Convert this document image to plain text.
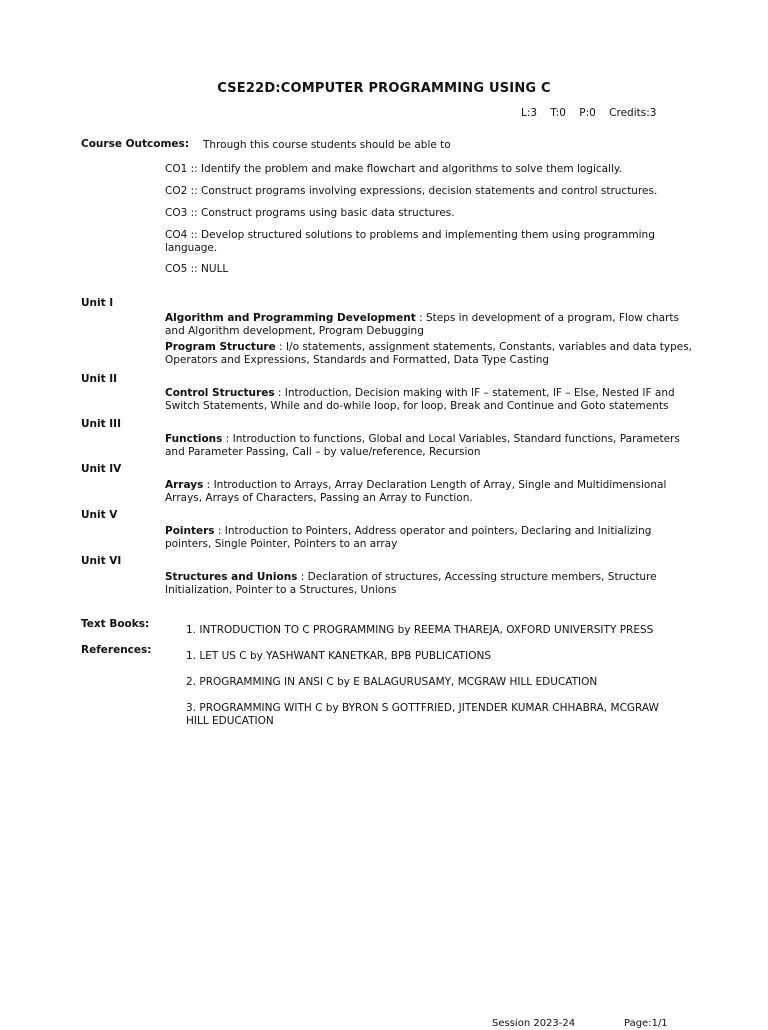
CSE22D:COMPUTER PROGRAMMING USING C
L:3 T:0 P:0 Credits:3
Course Outcomes: Through this course students should be able to
CO1 :: Identify the problem and make flowchart and algorithms to solve them logically.
CO2 :: Construct programs involving expressions, decision statements and control structures.
CO3 :: Construct programs using basic data structures.
CO4 :: Develop structured solutions to problems and implementing them using programming language.
CO5 :: NULL
Unit I
Algorithm and Programming Development : Steps in development of a program, Flow charts and Algorithm development, Program Debugging
Program Structure : I/o statements, assignment statements, Constants, variables and data types, Operators and Expressions, Standards and Formatted, Data Type Casting
Unit II
Control Structures : Introduction, Decision making with IF – statement, IF – Else, Nested IF and Switch Statements, While and do-while loop, for loop, Break and Continue and Goto statements
Unit III
Functions : Introduction to functions, Global and Local Variables, Standard functions, Parameters and Parameter Passing, Call – by value/reference, Recursion
Unit IV
Arrays : Introduction to Arrays, Array Declaration Length of Array, Single and Multidimensional Arrays, Arrays of Characters, Passing an Array to Function.
Unit V
Pointers : Introduction to Pointers, Address operator and pointers, Declaring and Initializing pointers, Single Pointer, Pointers to an array
Unit VI
Structures and Unions : Declaration of structures, Accessing structure members, Structure Initialization, Pointer to a Structures, Unions
Text Books:	1. INTRODUCTION TO C PROGRAMMING by REEMA THAREJA, OXFORD UNIVERSITY PRESS
References:	1. LET US C by YASHWANT KANETKAR, BPB PUBLICATIONS
2. PROGRAMMING IN ANSI C by E BALAGURUSAMY, MCGRAW HILL EDUCATION
3. PROGRAMMING WITH C by BYRON S GOTTFRIED, JITENDER KUMAR CHHABRA, MCGRAW HILL EDUCATION
Session 2023-24	Page:1/1
